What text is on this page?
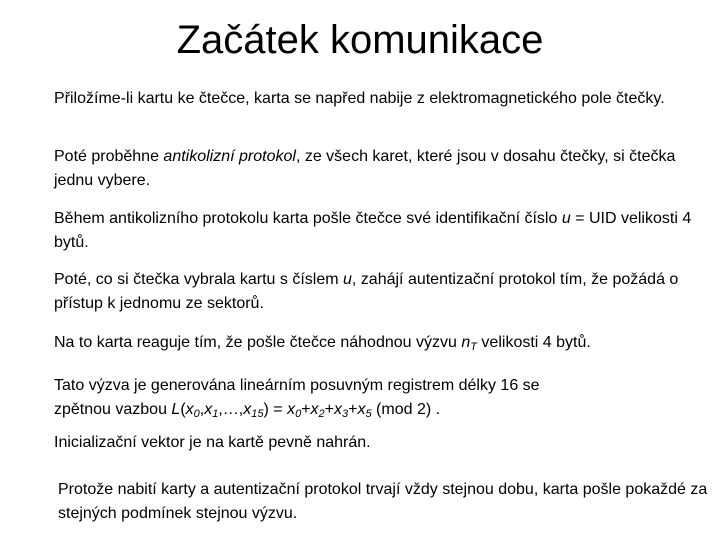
Začátek komunikace

Přiložíme-li kartu ke čtečce, karta se napřed nabije z elektromagnetického pole čtečky.

Poté proběhne antikolizní protokol, ze všech karet, které jsou v dosahu čtečky, si čtečka jednu vybere.

Během antikolizního protokolu karta pošle čtečce své identifikační číslo u = UID velikosti 4 bytů.

Poté, co si čtečka vybrala kartu s číslem u, zahájí autentizační protokol tím, že požádá o přístup k jednomu ze sektorů.

Na to karta reaguje tím, že pošle čtečce náhodnou výzvu $n_T$ velikosti 4 bytů.

Tato výzva je generována lineárním posuvným registrem délky 16 se
zpětnou vazbou $L(x_0,x_1,\dots,x_{15}) = x_0+x_2+x_3+x_5$ (mod 2) .

Inicializační vektor je na kartě pevně nahrán.

Protože nabití karty a autentizační protokol trvají vždy stejnou dobu, karta pošle pokaždé za stejných podmínek stejnou výzvu.
